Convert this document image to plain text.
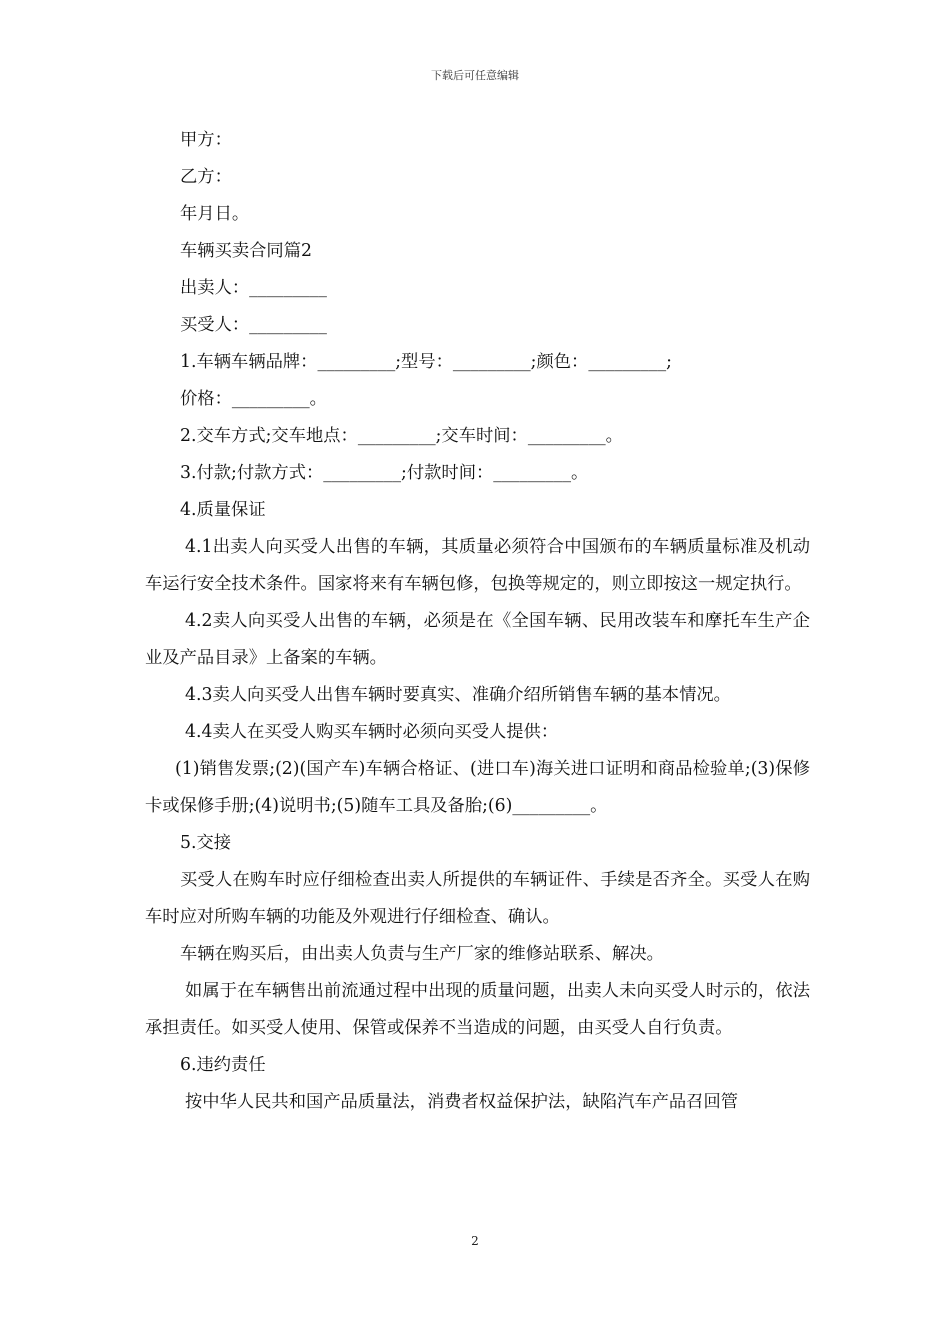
下载后可任意编辑

甲方：

乙方：

年月日。

车辆买卖合同篇2

出卖人：_________

买受人：_________

1.车辆车辆品牌：_________;型号：_________;颜色：_________;

价格：_________。

2.交车方式;交车地点：_________;交车时间：_________。

3.付款;付款方式：_________;付款时间：_________。

4.质量保证

4.1出卖人向买受人出售的车辆，其质量必须符合中国颁布的车辆质量标准及机动车运行安全技术条件。国家将来有车辆包修，包换等规定的，则立即按这一规定执行。

4.2卖人向买受人出售的车辆，必须是在《全国车辆、民用改装车和摩托车生产企业及产品目录》上备案的车辆。

4.3卖人向买受人出售车辆时要真实、准确介绍所销售车辆的基本情况。

4.4卖人在买受人购买车辆时必须向买受人提供：

(1)销售发票;(2)(国产车)车辆合格证、(进口车)海关进口证明和商品检验单;(3)保修卡或保修手册;(4)说明书;(5)随车工具及备胎;(6)_________。

5.交接

买受人在购车时应仔细检查出卖人所提供的车辆证件、手续是否齐全。买受人在购车时应对所购车辆的功能及外观进行仔细检查、确认。

车辆在购买后，由出卖人负责与生产厂家的维修站联系、解决。

如属于在车辆售出前流通过程中出现的质量问题，出卖人未向买受人时示的，依法承担责任。如买受人使用、保管或保养不当造成的问题，由买受人自行负责。

6.违约责任

按中华人民共和国产品质量法，消费者权益保护法，缺陷汽车产品召回管

2
